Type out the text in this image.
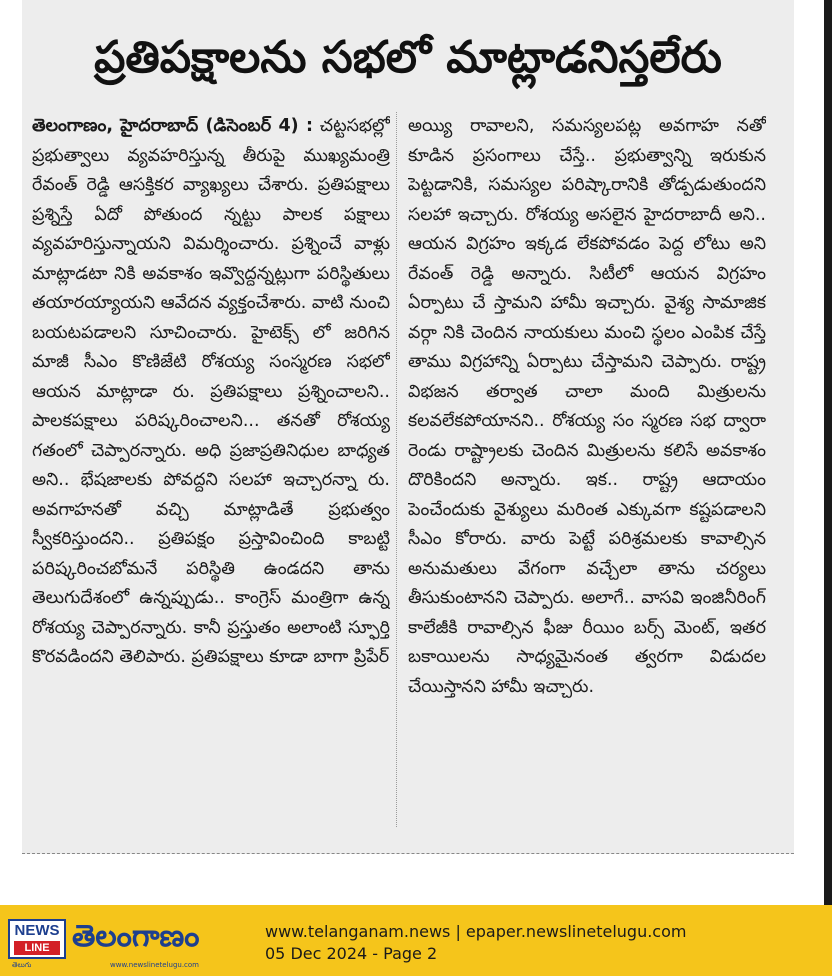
ప్రతిపక్షాలను సభలో మాట్లాడనిస్తలేరు

తెలంగాణం, హైదరాబాద్ (డిసెంబర్ 4) : చట్టసభల్లో ప్రభుత్వాలు వ్యవహరిస్తున్న తీరుపై ముఖ్యమంత్రి రేవంత్ రెడ్డి ఆసక్తికర వ్యాఖ్యలు చేశారు. ప్రతిపక్షాలు ప్రశ్నిస్తే ఏదో పోతుంద న్నట్టు పాలక పక్షాలు వ్యవహరిస్తున్నాయని విమర్శించారు. ప్రశ్నించే వాళ్లు మాట్లాడటా నికి అవకాశం ఇవ్వొద్దన్నట్లుగా పరిస్థితులు తయారయ్యాయని ఆవేదన వ్యక్తంచేశారు. వాటి నుంచి బయటపడాలని సూచించారు. హైటెక్స్ లో జరిగిన మాజీ సీఎం కొణిజేటి రోశయ్య సంస్మరణ సభలో ఆయన మాట్లాడా రు. ప్రతిపక్షాలు ప్రశ్నించాలని.. పాలకపక్షాలు పరిష్కరించాలని... తనతో రోశయ్య గతంలో చెప్పారన్నారు. అధి ప్రజాప్రతినిధుల బాధ్యత అని.. భేషజాలకు పోవద్దని సలహా ఇచ్చారన్నా రు. అవగాహనతో వచ్చి మాట్లాడితే ప్రభుత్వం స్వీకరిస్తుందని.. ప్రతిపక్షం ప్రస్తావించింది కాబట్టి పరిష్కరించబోమనే పరిస్థితి ఉండదని తాను తెలుగుదేశంలో ఉన్నప్పుడు.. కాంగ్రెస్ మంత్రిగా ఉన్న రోశయ్య చెప్పారన్నారు. కానీ ప్రస్తుతం అలాంటి స్ఫూర్తి కొరవడిందని తెలిపారు. ప్రతిపక్షాలు కూడా బాగా ప్రిపేర్

అయ్యి రావాలని, సమస్యలపట్ల అవగాహ నతో కూడిన ప్రసంగాలు చేస్తే.. ప్రభుత్వాన్ని ఇరుకున పెట్టడానికి, సమస్యల పరిష్కారానికి తోడ్పడుతుందని సలహా ఇచ్చారు. రోశయ్య అసలైన హైదరాబాదీ అని.. ఆయన విగ్రహం ఇక్కడ లేకపోవడం పెద్ద లోటు అని రేవంత్ రెడ్డి అన్నారు. సిటీలో ఆయన విగ్రహం ఏర్పాటు చే స్తామని హామీ ఇచ్చారు. వైశ్య సామాజిక వర్గా నికి చెందిన నాయకులు మంచి స్థలం ఎంపిక చేస్తే తాము విగ్రహాన్ని ఏర్పాటు చేస్తామని చెప్పారు. రాష్ట్ర విభజన తర్వాత చాలా మంది మిత్రులను కలవలేకపోయానని.. రోశయ్య సం స్మరణ సభ ద్వారా రెండు రాష్ట్రాలకు చెందిన మిత్రులను కలిసే అవకాశం దొరికిందని అన్నారు. ఇక.. రాష్ట్ర ఆదాయం పెంచేందుకు వైశ్యులు మరింత ఎక్కువగా కష్టపడాలని సీఎం కోరారు. వారు పెట్టే పరిశ్రమలకు కావాల్సిన అనుమతులు వేగంగా వచ్చేలా తాను చర్యలు తీసుకుంటానని చెప్పారు. అలాగే.. వాసవి ఇంజినీరింగ్ కాలేజీకి రావాల్సిన ఫీజు రీయిం బర్స్ మెంట్, ఇతర బకాయిలను సాధ్యమైనంత త్వరగా విడుదల చేయిస్తానని హామీ ఇచ్చారు.

NEWS
LINE
తెలుగు
తెలంగాణం
www.newslinetelugu.com
www.telanganam.news | epaper.newslinetelugu.com
05 Dec 2024 - Page 2
